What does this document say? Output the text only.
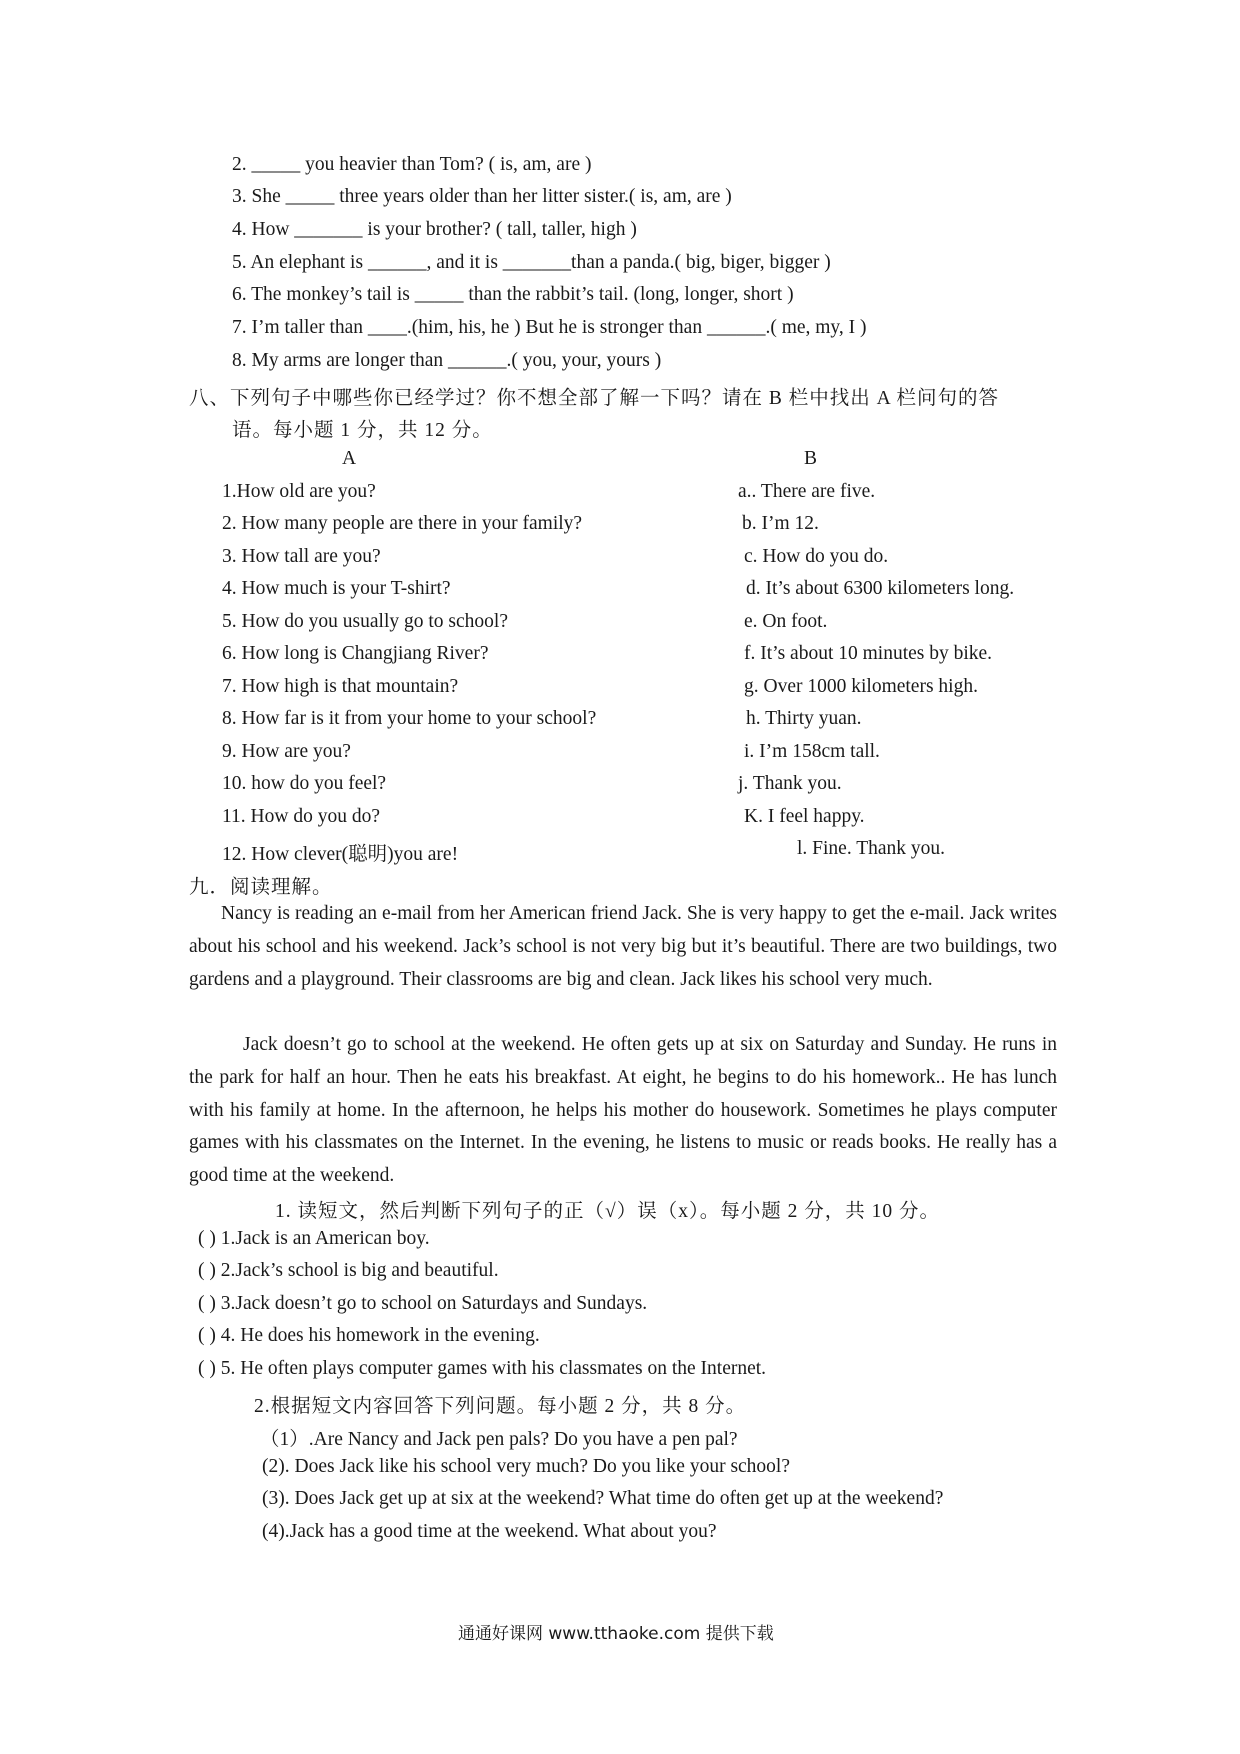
2. _____ you heavier than Tom? ( is, am, are )
3. She _____ three years older than her litter sister.( is, am, are )
4. How _______ is your brother? ( tall, taller, high )
5. An elephant is ______, and it is _______than a panda.( big, biger, bigger )
6. The monkey’s tail is _____ than the rabbit’s tail. (long, longer, short )
7. I’m taller than ____.(him, his, he ) But he is stronger than ______.( me, my, I )
8. My arms are longer than ______.( you, your, yours )
八、下列句子中哪些你已经学过？你不想全部了解一下吗？请在 B 栏中找出 A 栏问句的答
语。每小题 1 分，共 12 分。
A	B
1.How old are you?
2. How many people are there in your family?
3. How tall are you?
4. How much is your T-shirt?
5. How do you usually go to school?
6. How long is Changjiang River?
7. How high is that mountain?
8. How far is it from your home to your school?
9. How are you?
10. how do you feel?
11. How do you do?
12. How clever(聪明)you are!
a.. There are five.
b. I’m 12.
c. How do you do.
d. It’s about 6300 kilometers long.
e. On foot.
f. It’s about 10 minutes by bike.
g. Over 1000 kilometers high.
h. Thirty yuan.
i. I’m 158cm tall.
j. Thank you.
K. I feel happy.
l. Fine. Thank you.
九．阅读理解。

Nancy is reading an e-mail from her American friend Jack. She is very happy to get the e-mail. Jack writes about his school and his weekend. Jack’s school is not very big but it’s beautiful. There are two buildings, two gardens and a playground. Their classrooms are big and clean. Jack likes his school very much.

Jack doesn’t go to school at the weekend. He often gets up at six on Saturday and Sunday. He runs in the park for half an hour. Then he eats his breakfast. At eight, he begins to do his homework.. He has lunch with his family at home. In the afternoon, he helps his mother do housework. Sometimes he plays computer games with his classmates on the Internet. In the evening, he listens to music or reads books. He really has a good time at the weekend.

1. 读短文，然后判断下列句子的正（√）误（x）。每小题 2 分，共 10 分。
( ) 1.Jack is an American boy.
( ) 2.Jack’s school is big and beautiful.
( ) 3.Jack doesn’t go to school on Saturdays and Sundays.
( ) 4. He does his homework in the evening.
( ) 5. He often plays computer games with his classmates on the Internet.
2.根据短文内容回答下列问题。每小题 2 分，共 8 分。
（1）.Are Nancy and Jack pen pals? Do you have a pen pal?
(2). Does Jack like his school very much? Do you like your school?
(3). Does Jack get up at six at the weekend? What time do often get up at the weekend?
(4).Jack has a good time at the weekend. What about you?
通通好课网 www.tthaoke.com 提供下载
